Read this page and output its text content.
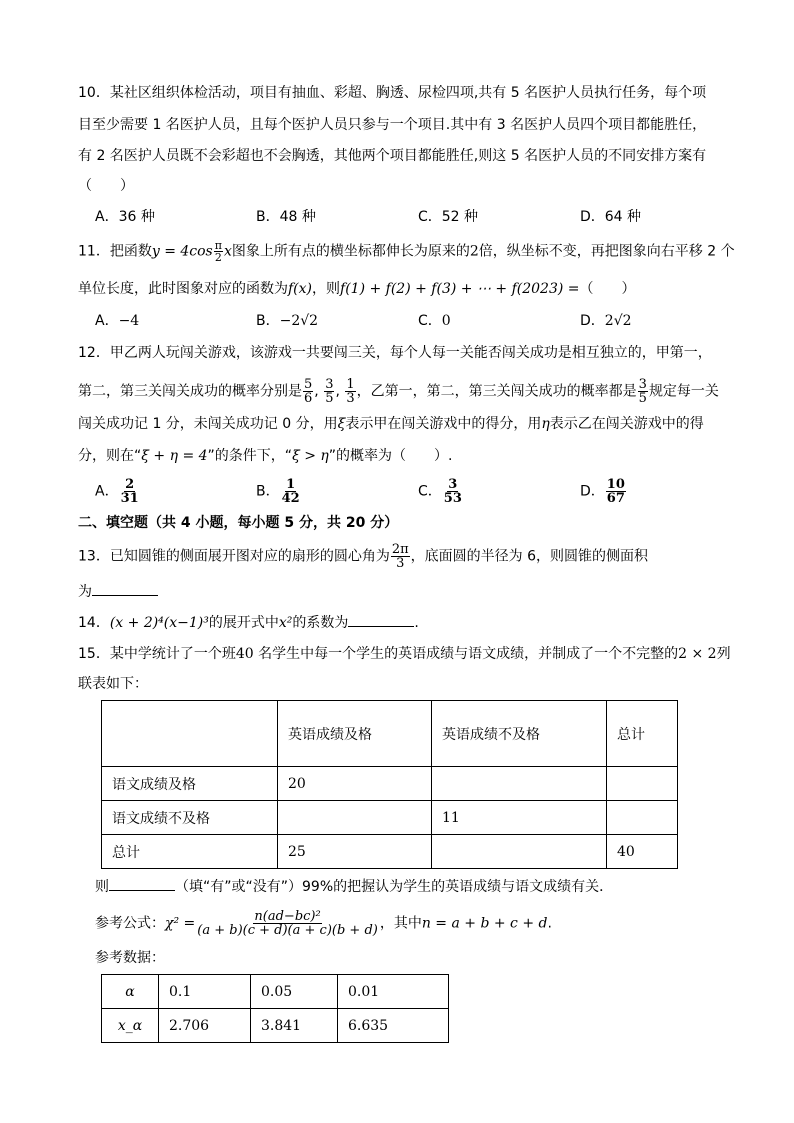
10．某社区组织体检活动，项目有抽血、彩超、胸透、尿检四项,共有 5 名医护人员执行任务，每个项
目至少需要 1 名医护人员，且每个医护人员只参与一个项目.其中有 3 名医护人员四个项目都能胜任，
有 2 名医护人员既不会彩超也不会胸透，其他两个项目都能胜任,则这 5 名医护人员的不同安排方案有
（　　）
A．36 种	B．48 种	C．52 种	D．64 种
11．把函数$y = 4\cos \frac{\pi}{2}$ x图象上所有点的横坐标都伸长为原来的2倍，纵坐标不变，再把图象向右平移 2 个
单位长度，此时图象对应的函数为f(x)，则f(1) + f(2) + f(3) + ⋯ + f(2023) =（　　）
A．−4	B．−2√2	C．0	D．2√2
12．甲乙两人玩闯关游戏，该游戏一共要闯三关，每个人每一关能否闯关成功是相互独立的，甲第一，
第二，第三关闯关成功的概率分别是 $\frac{5}{6}$ , $\frac{3}{5}$ , $\frac{1}{3}$ ，乙第一，第二，第三关闯关成功的概率都是 $\frac{3}{5}$ 规定每一关
闯关成功记 1 分，未闯关成功记 0 分，用ξ表示甲在闯关游戏中的得分，用η表示乙在闯关游戏中的得
分，则在“ξ + η = 4”的条件下，“ξ > η”的概率为（　　）.
A． $\frac{2}{31}$	B． $\frac{1}{42}$	C． $\frac{3}{53}$	D． $\frac{10}{67}$
二、填空题（共 4 小题，每小题 5 分，共 20 分）
13．已知圆锥的侧面展开图对应的扇形的圆心角为 $\frac{2\pi}{3}$ ，底面圆的半径为 6，则圆锥的侧面积
为
14．(x + 2)⁴(x−1)³的展开式中x²的系数为	.
15．某中学统计了一个班40 名学生中每一个学生的英语成绩与语文成绩，并制成了一个不完整的2 × 2列
联表如下：
	英语成绩及格	英语成绩不及格	总计
语文成绩及格	20		
语文成绩不及格		11	
总计	25		40
则	（填“有”或“没有”）99%的把握认为学生的英语成绩与语文成绩有关．
参考公式：$\chi^2 = \frac{\text{n(ad−bc)²}}{(a + b)(c + d)(a + c)(b + d)}$ ，其中n = a + b + c + d.
参考数据：
α	0.1	0.05	0.01
x_α	2.706	3.841	6.635
